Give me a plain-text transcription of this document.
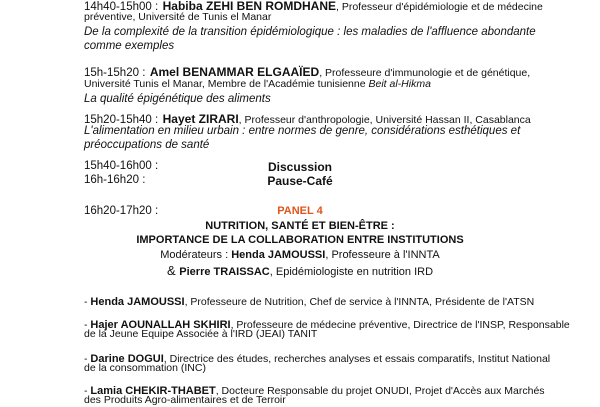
14h40-15h00 : Habiba ZEHI BEN ROMDHANE, Professeur d'épidémiologie et de médecine
préventive, Université de Tunis el Manar
De la complexité de la transition épidémiologique : les maladies de l'affluence abondante
comme exemples
15h-15h20 : Amel BENAMMAR ELGAAÏED, Professeure d'immunologie et de génétique,
Université Tunis el Manar, Membre de l'Académie tunisienne Beit al-Hikma
La qualité épigénétique des aliments
15h20-15h40 : Hayet ZIRARI, Professeur d'anthropologie, Université Hassan II, Casablanca
L'alimentation en milieu urbain : entre normes de genre, considérations esthétiques et
préoccupations de santé
15h40-16h00 :	Discussion
16h-16h20 :	Pause-Café
16h20-17h20 :	PANEL 4
NUTRITION, SANTÉ ET BIEN-ÊTRE :
IMPORTANCE DE LA COLLABORATION ENTRE INSTITUTIONS
Modérateurs : Henda JAMOUSSI, Professeure à l'INNTA
& Pierre TRAISSAC, Epidémiologiste en nutrition IRD
- Henda JAMOUSSI, Professeure de Nutrition, Chef de service à l'INNTA, Présidente de l'ATSN
- Hajer AOUNALLAH SKHIRI, Professeure de médecine préventive, Directrice de l'INSP, Responsable
de la Jeune Equipe Associée à l'IRD (JEAI) TANIT
- Darine DOGUI, Directrice des études, recherches analyses et essais comparatifs, Institut National
de la consommation (INC)
- Lamia CHEKIR-THABET, Docteure Responsable du projet ONUDI, Projet d'Accès aux Marchés
des Produits Agro-alimentaires et de Terroir
